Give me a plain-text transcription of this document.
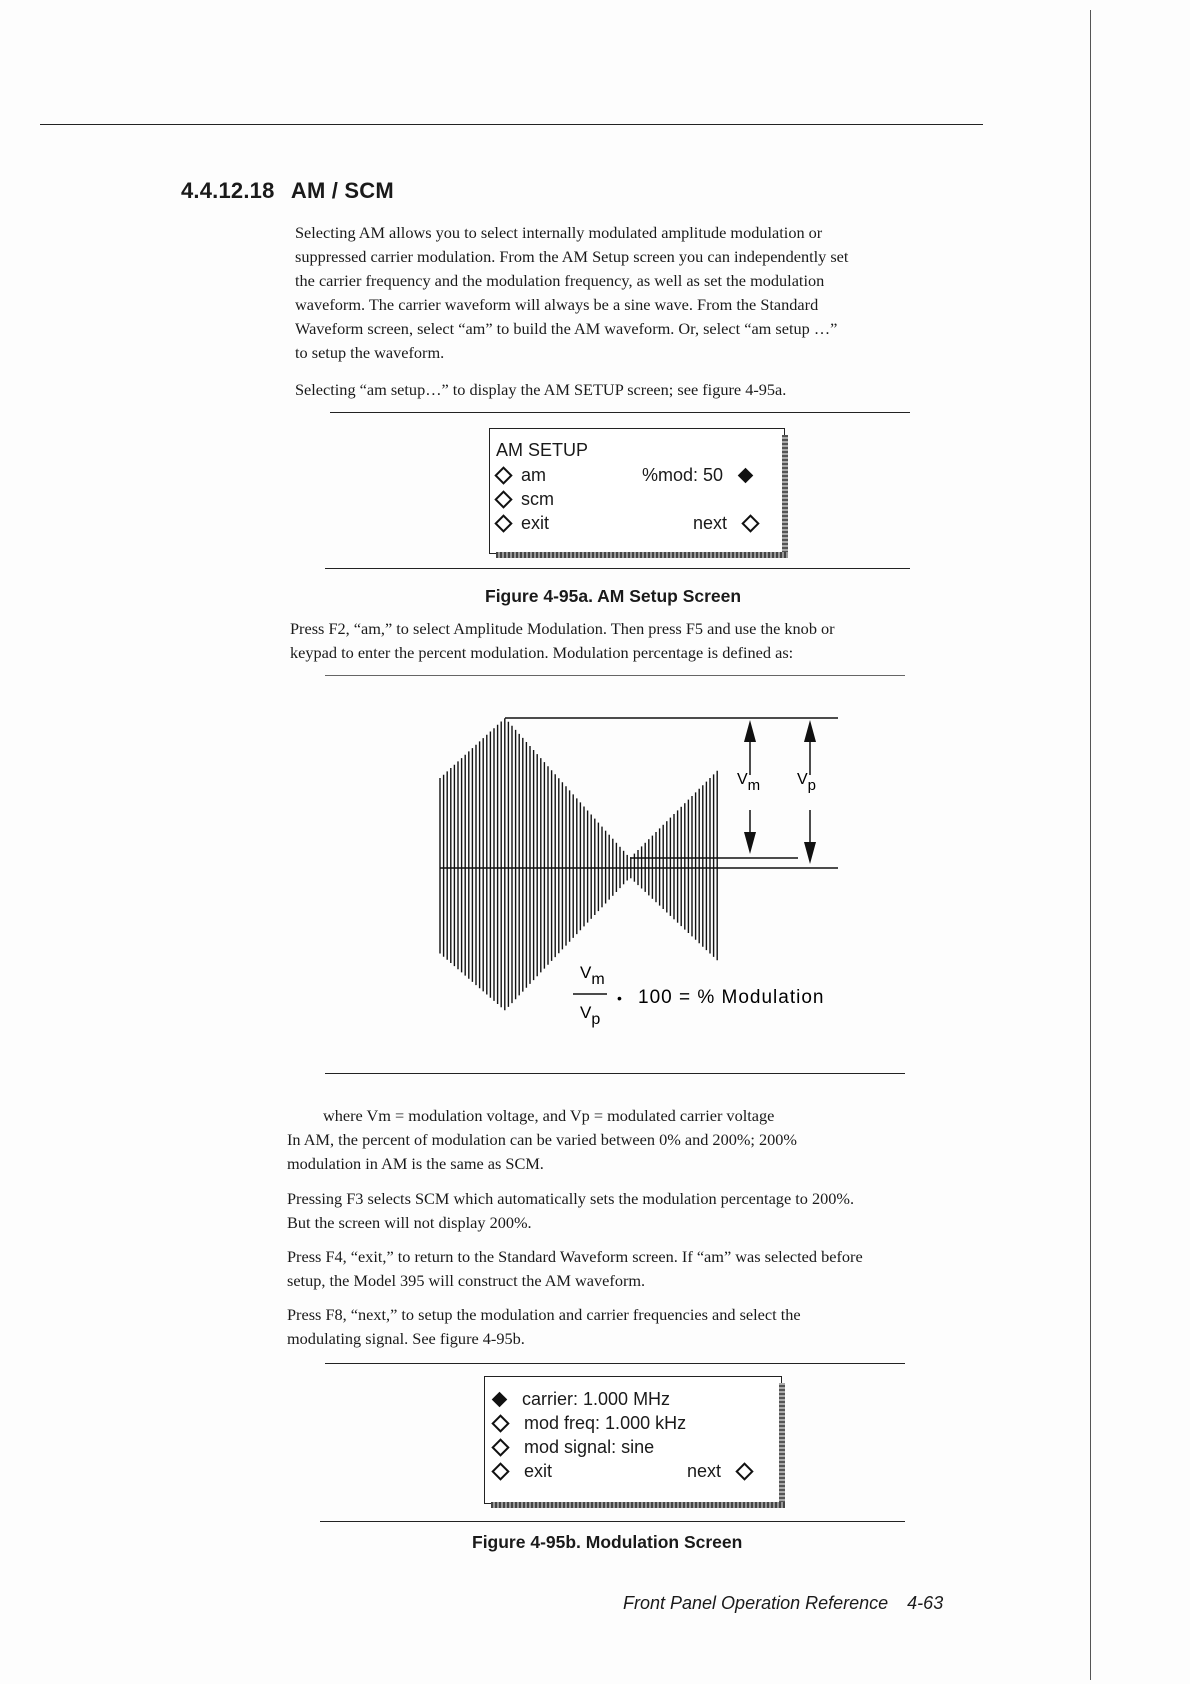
4.4.12.18 AM / SCM
Selecting AM allows you to select internally modulated amplitude modulation or
suppressed carrier modulation. From the AM Setup screen you can independently set
the carrier frequency and the modulation frequency, as well as set the modulation
waveform. The carrier waveform will always be a sine wave. From the Standard
Waveform screen, select “am” to build the AM waveform. Or, select “am setup …”
to setup the waveform.
Selecting “am setup…” to display the AM SETUP screen; see figure 4-95a.
AM SETUP
am	%mod: 50
scm
exit	next
Figure 4-95a. AM Setup Screen
Press F2, “am,” to select Amplitude Modulation. Then press F5 and use the knob or
keypad to enter the percent modulation. Modulation percentage is defined as:
Vm Vp
Vm
Vp
• 100 = % Modulation
where Vm = modulation voltage, and Vp = modulated carrier voltage
In AM, the percent of modulation can be varied between 0% and 200%; 200%
modulation in AM is the same as SCM.
Pressing F3 selects SCM which automatically sets the modulation percentage to 200%.
But the screen will not display 200%.
Press F4, “exit,” to return to the Standard Waveform screen. If “am” was selected before
setup, the Model 395 will construct the AM waveform.
Press F8, “next,” to setup the modulation and carrier frequencies and select the
modulating signal. See figure 4-95b.
carrier: 1.000 MHz
mod freq: 1.000 kHz
mod signal: sine
exit	next
Figure 4-95b. Modulation Screen
Front Panel Operation Reference 4-63
